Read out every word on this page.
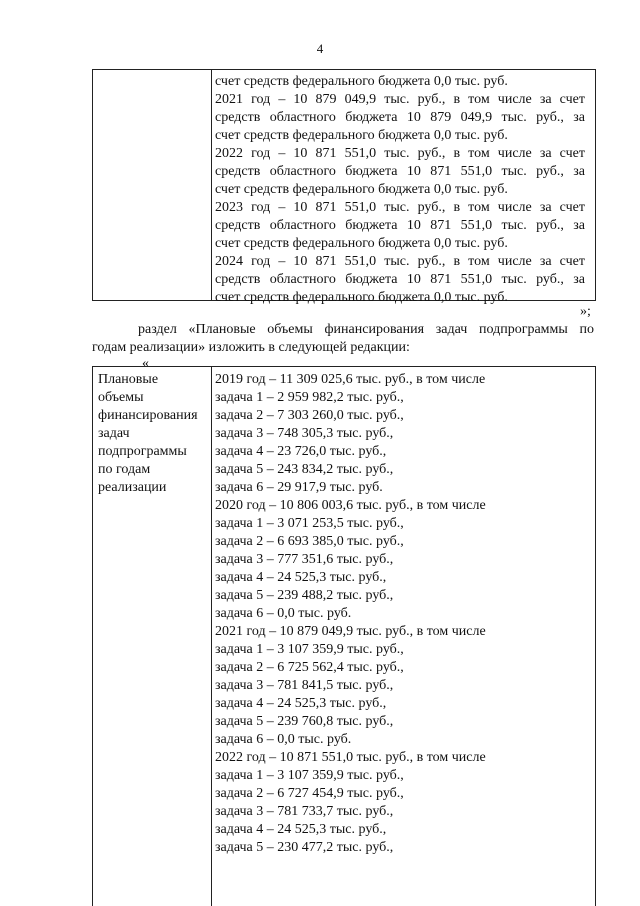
4
счет средств федерального бюджета 0,0 тыс. руб.
2021 год – 10 879 049,9 тыс. руб., в том числе за счет
средств областного бюджета 10 879 049,9 тыс. руб., за
счет средств федерального бюджета 0,0 тыс. руб.
2022 год – 10 871 551,0 тыс. руб., в том числе за счет
средств областного бюджета 10 871 551,0 тыс. руб., за
счет средств федерального бюджета 0,0 тыс. руб.
2023 год – 10 871 551,0 тыс. руб., в том числе за счет
средств областного бюджета 10 871 551,0 тыс. руб., за
счет средств федерального бюджета 0,0 тыс. руб.
2024 год – 10 871 551,0 тыс. руб., в том числе за счет
средств областного бюджета 10 871 551,0 тыс. руб., за
счет средств федерального бюджета 0,0 тыс. руб.
»;
раздел «Плановые объемы финансирования задач подпрограммы по
годам реализации» изложить в следующей редакции:
«
Плановые
объемы
финансирования
задач
подпрограммы
по годам
реализации
2019 год – 11 309 025,6 тыс. руб., в том числе
задача 1 – 2 959 982,2 тыс. руб.,
задача 2 – 7 303 260,0 тыс. руб.,
задача 3 – 748 305,3 тыс. руб.,
задача 4 – 23 726,0 тыс. руб.,
задача 5 – 243 834,2 тыс. руб.,
задача 6 – 29 917,9 тыс. руб.
2020 год – 10 806 003,6 тыс. руб., в том числе
задача 1 – 3 071 253,5 тыс. руб.,
задача 2 – 6 693 385,0 тыс. руб.,
задача 3 – 777 351,6 тыс. руб.,
задача 4 – 24 525,3 тыс. руб.,
задача 5 – 239 488,2 тыс. руб.,
задача 6 – 0,0 тыс. руб.
2021 год – 10 879 049,9 тыс. руб., в том числе
задача 1 – 3 107 359,9 тыс. руб.,
задача 2 – 6 725 562,4 тыс. руб.,
задача 3 – 781 841,5 тыс. руб.,
задача 4 – 24 525,3 тыс. руб.,
задача 5 – 239 760,8 тыс. руб.,
задача 6 – 0,0 тыс. руб.
2022 год – 10 871 551,0 тыс. руб., в том числе
задача 1 – 3 107 359,9 тыс. руб.,
задача 2 – 6 727 454,9 тыс. руб.,
задача 3 – 781 733,7 тыс. руб.,
задача 4 – 24 525,3 тыс. руб.,
задача 5 – 230 477,2 тыс. руб.,
